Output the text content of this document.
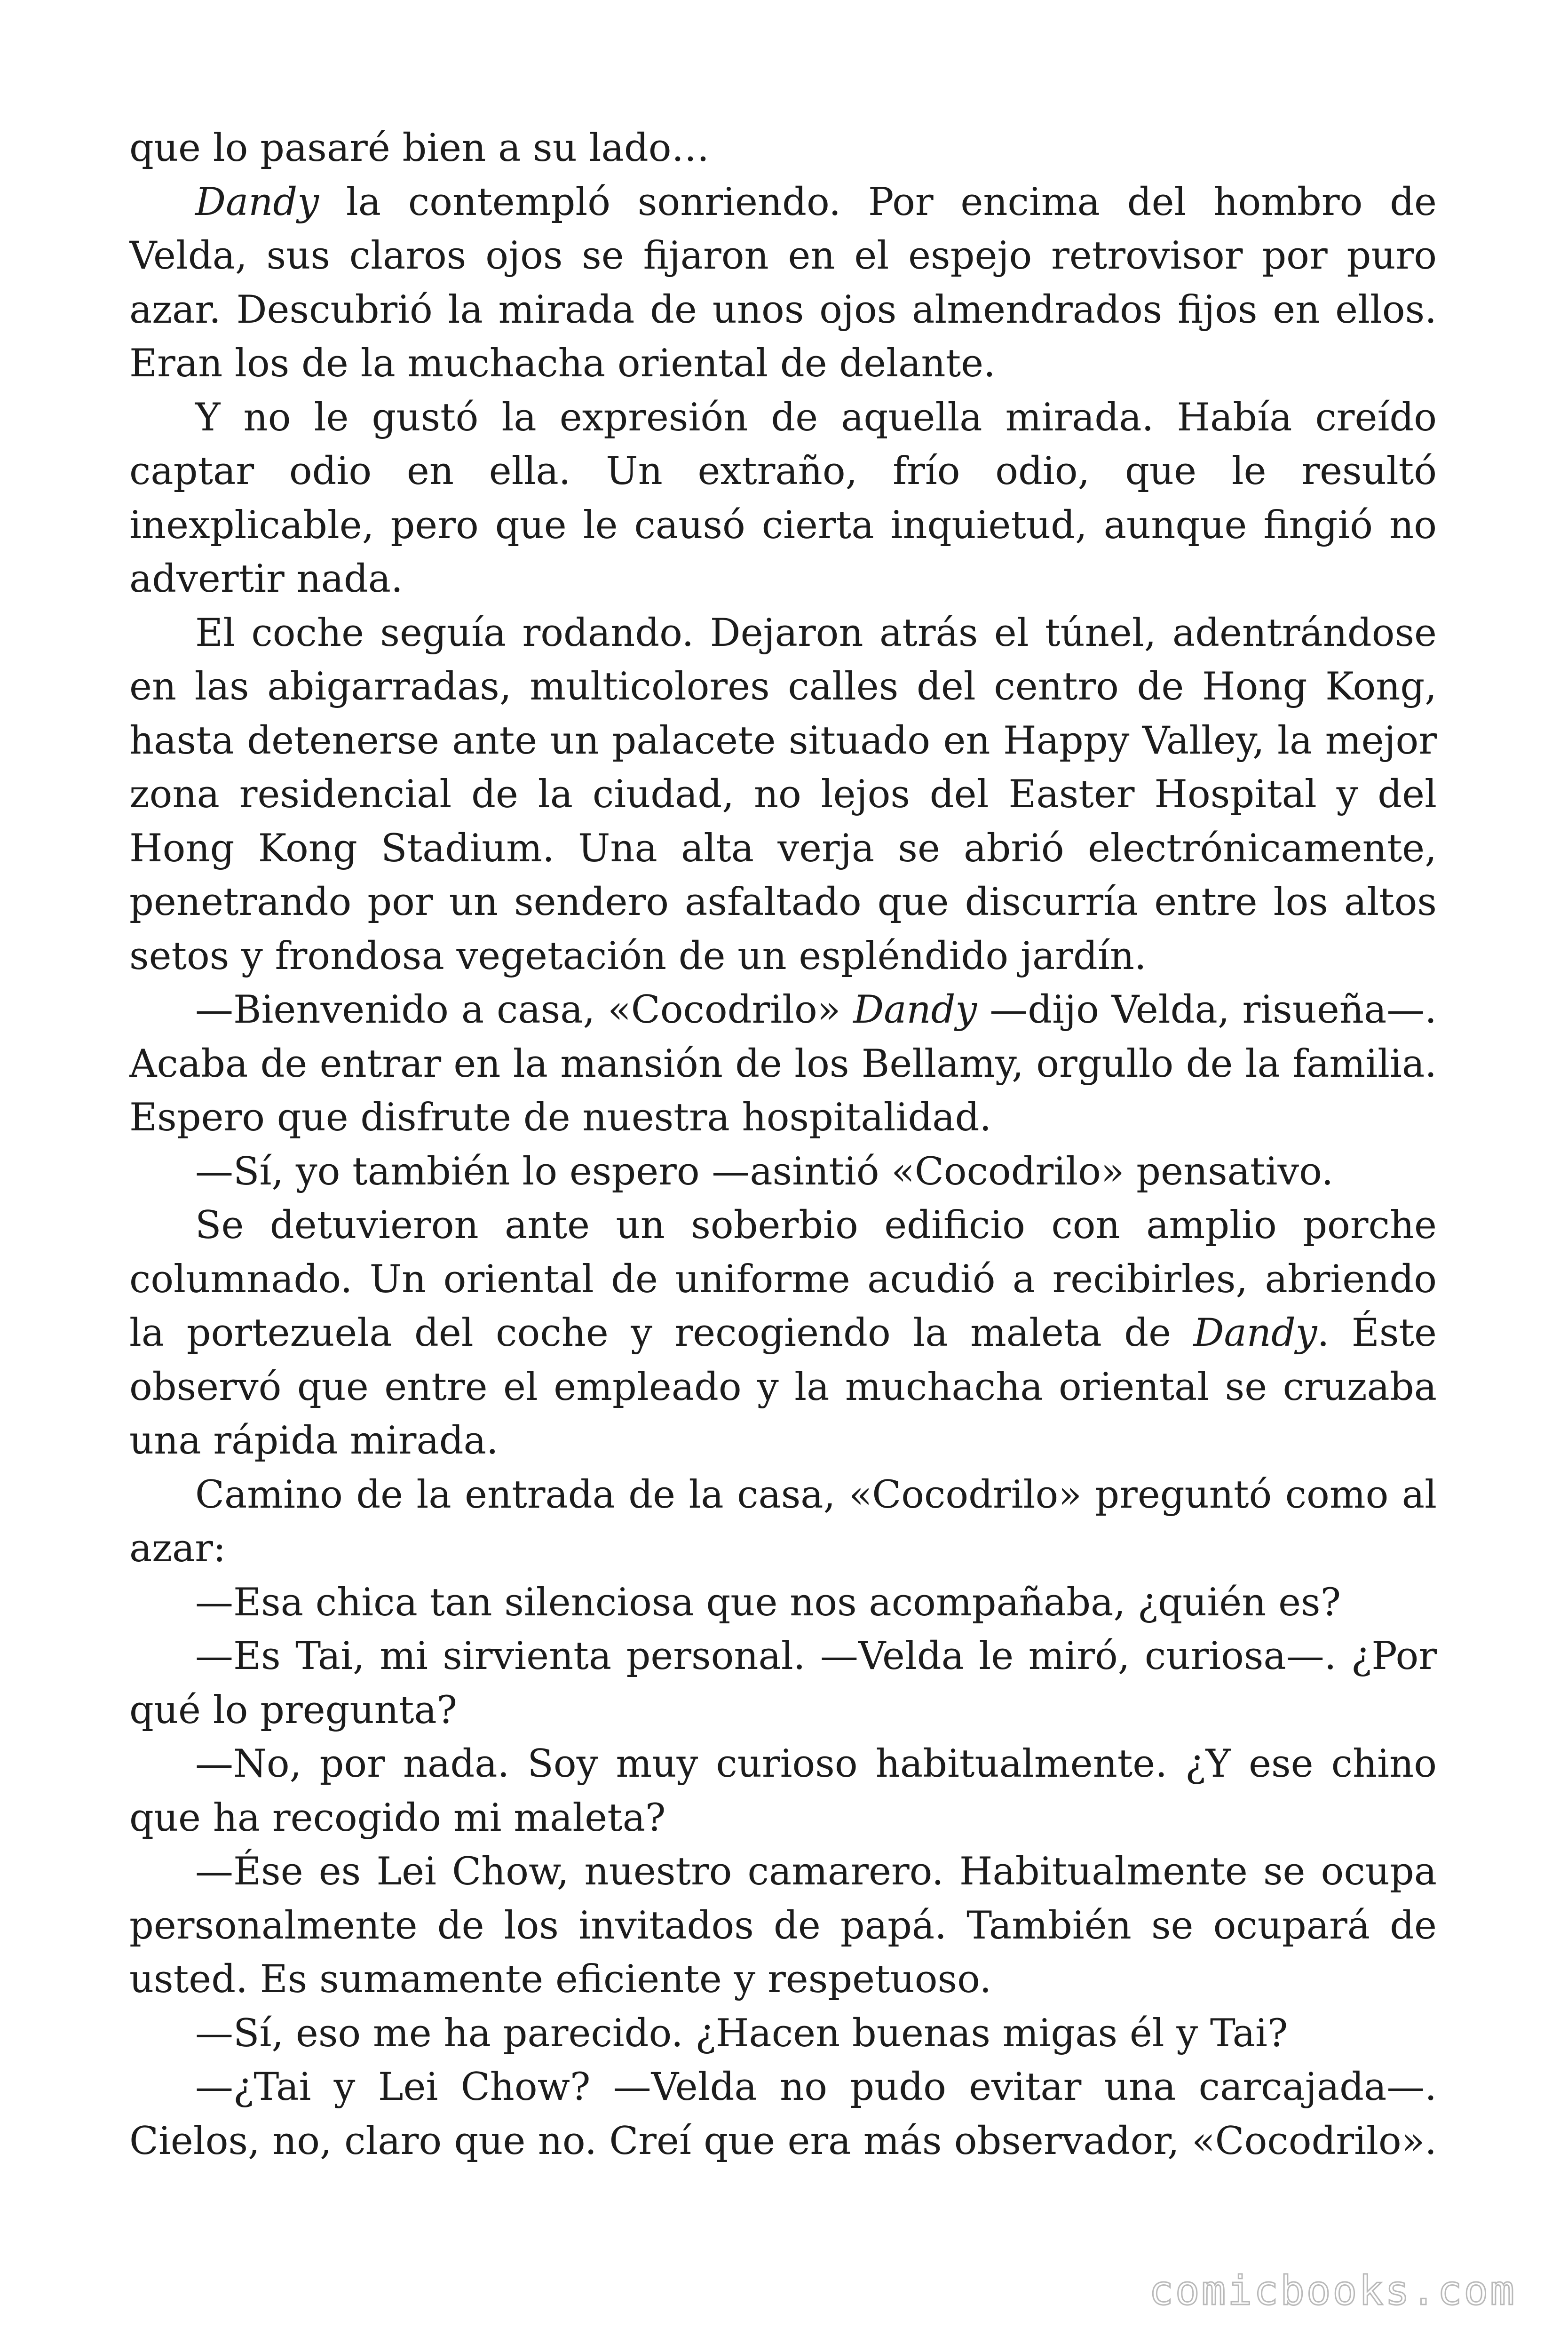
que lo pasaré bien a su lado…

Dandy la contempló sonriendo. Por encima del hombro de Velda, sus claros ojos se fijaron en el espejo retrovisor por puro azar. Descubrió la mirada de unos ojos almendrados fijos en ellos. Eran los de la muchacha oriental de delante.

Y no le gustó la expresión de aquella mirada. Había creído captar odio en ella. Un extraño, frío odio, que le resultó inexplicable, pero que le causó cierta inquietud, aunque fingió no advertir nada.

El coche seguía rodando. Dejaron atrás el túnel, adentrándose en las abigarradas, multicolores calles del centro de Hong Kong, hasta detenerse ante un palacete situado en Happy Valley, la mejor zona residencial de la ciudad, no lejos del Easter Hospital y del Hong Kong Stadium. Una alta verja se abrió electrónicamente, penetrando por un sendero asfaltado que discurría entre los altos setos y frondosa vegetación de un espléndido jardín.

—Bienvenido a casa, «Cocodrilo» Dandy —dijo Velda, risueña—. Acaba de entrar en la mansión de los Bellamy, orgullo de la familia. Espero que disfrute de nuestra hospitalidad.

—Sí, yo también lo espero —asintió «Cocodrilo» pensativo.

Se detuvieron ante un soberbio edificio con amplio porche columnado. Un oriental de uniforme acudió a recibirles, abriendo la portezuela del coche y recogiendo la maleta de Dandy. Éste observó que entre el empleado y la muchacha oriental se cruzaba una rápida mirada.

Camino de la entrada de la casa, «Cocodrilo» preguntó como al azar:

—Esa chica tan silenciosa que nos acompañaba, ¿quién es?

—Es Tai, mi sirvienta personal. —Velda le miró, curiosa—. ¿Por qué lo pregunta?

—No, por nada. Soy muy curioso habitualmente. ¿Y ese chino que ha recogido mi maleta?

—Ése es Lei Chow, nuestro camarero. Habitualmente se ocupa personalmente de los invitados de papá. También se ocupará de usted. Es sumamente eficiente y respetuoso.

—Sí, eso me ha parecido. ¿Hacen buenas migas él y Tai?

—¿Tai y Lei Chow? —Velda no pudo evitar una carcajada—. Cielos, no, claro que no. Creí que era más observador, «Cocodrilo».

comicbooks.com
